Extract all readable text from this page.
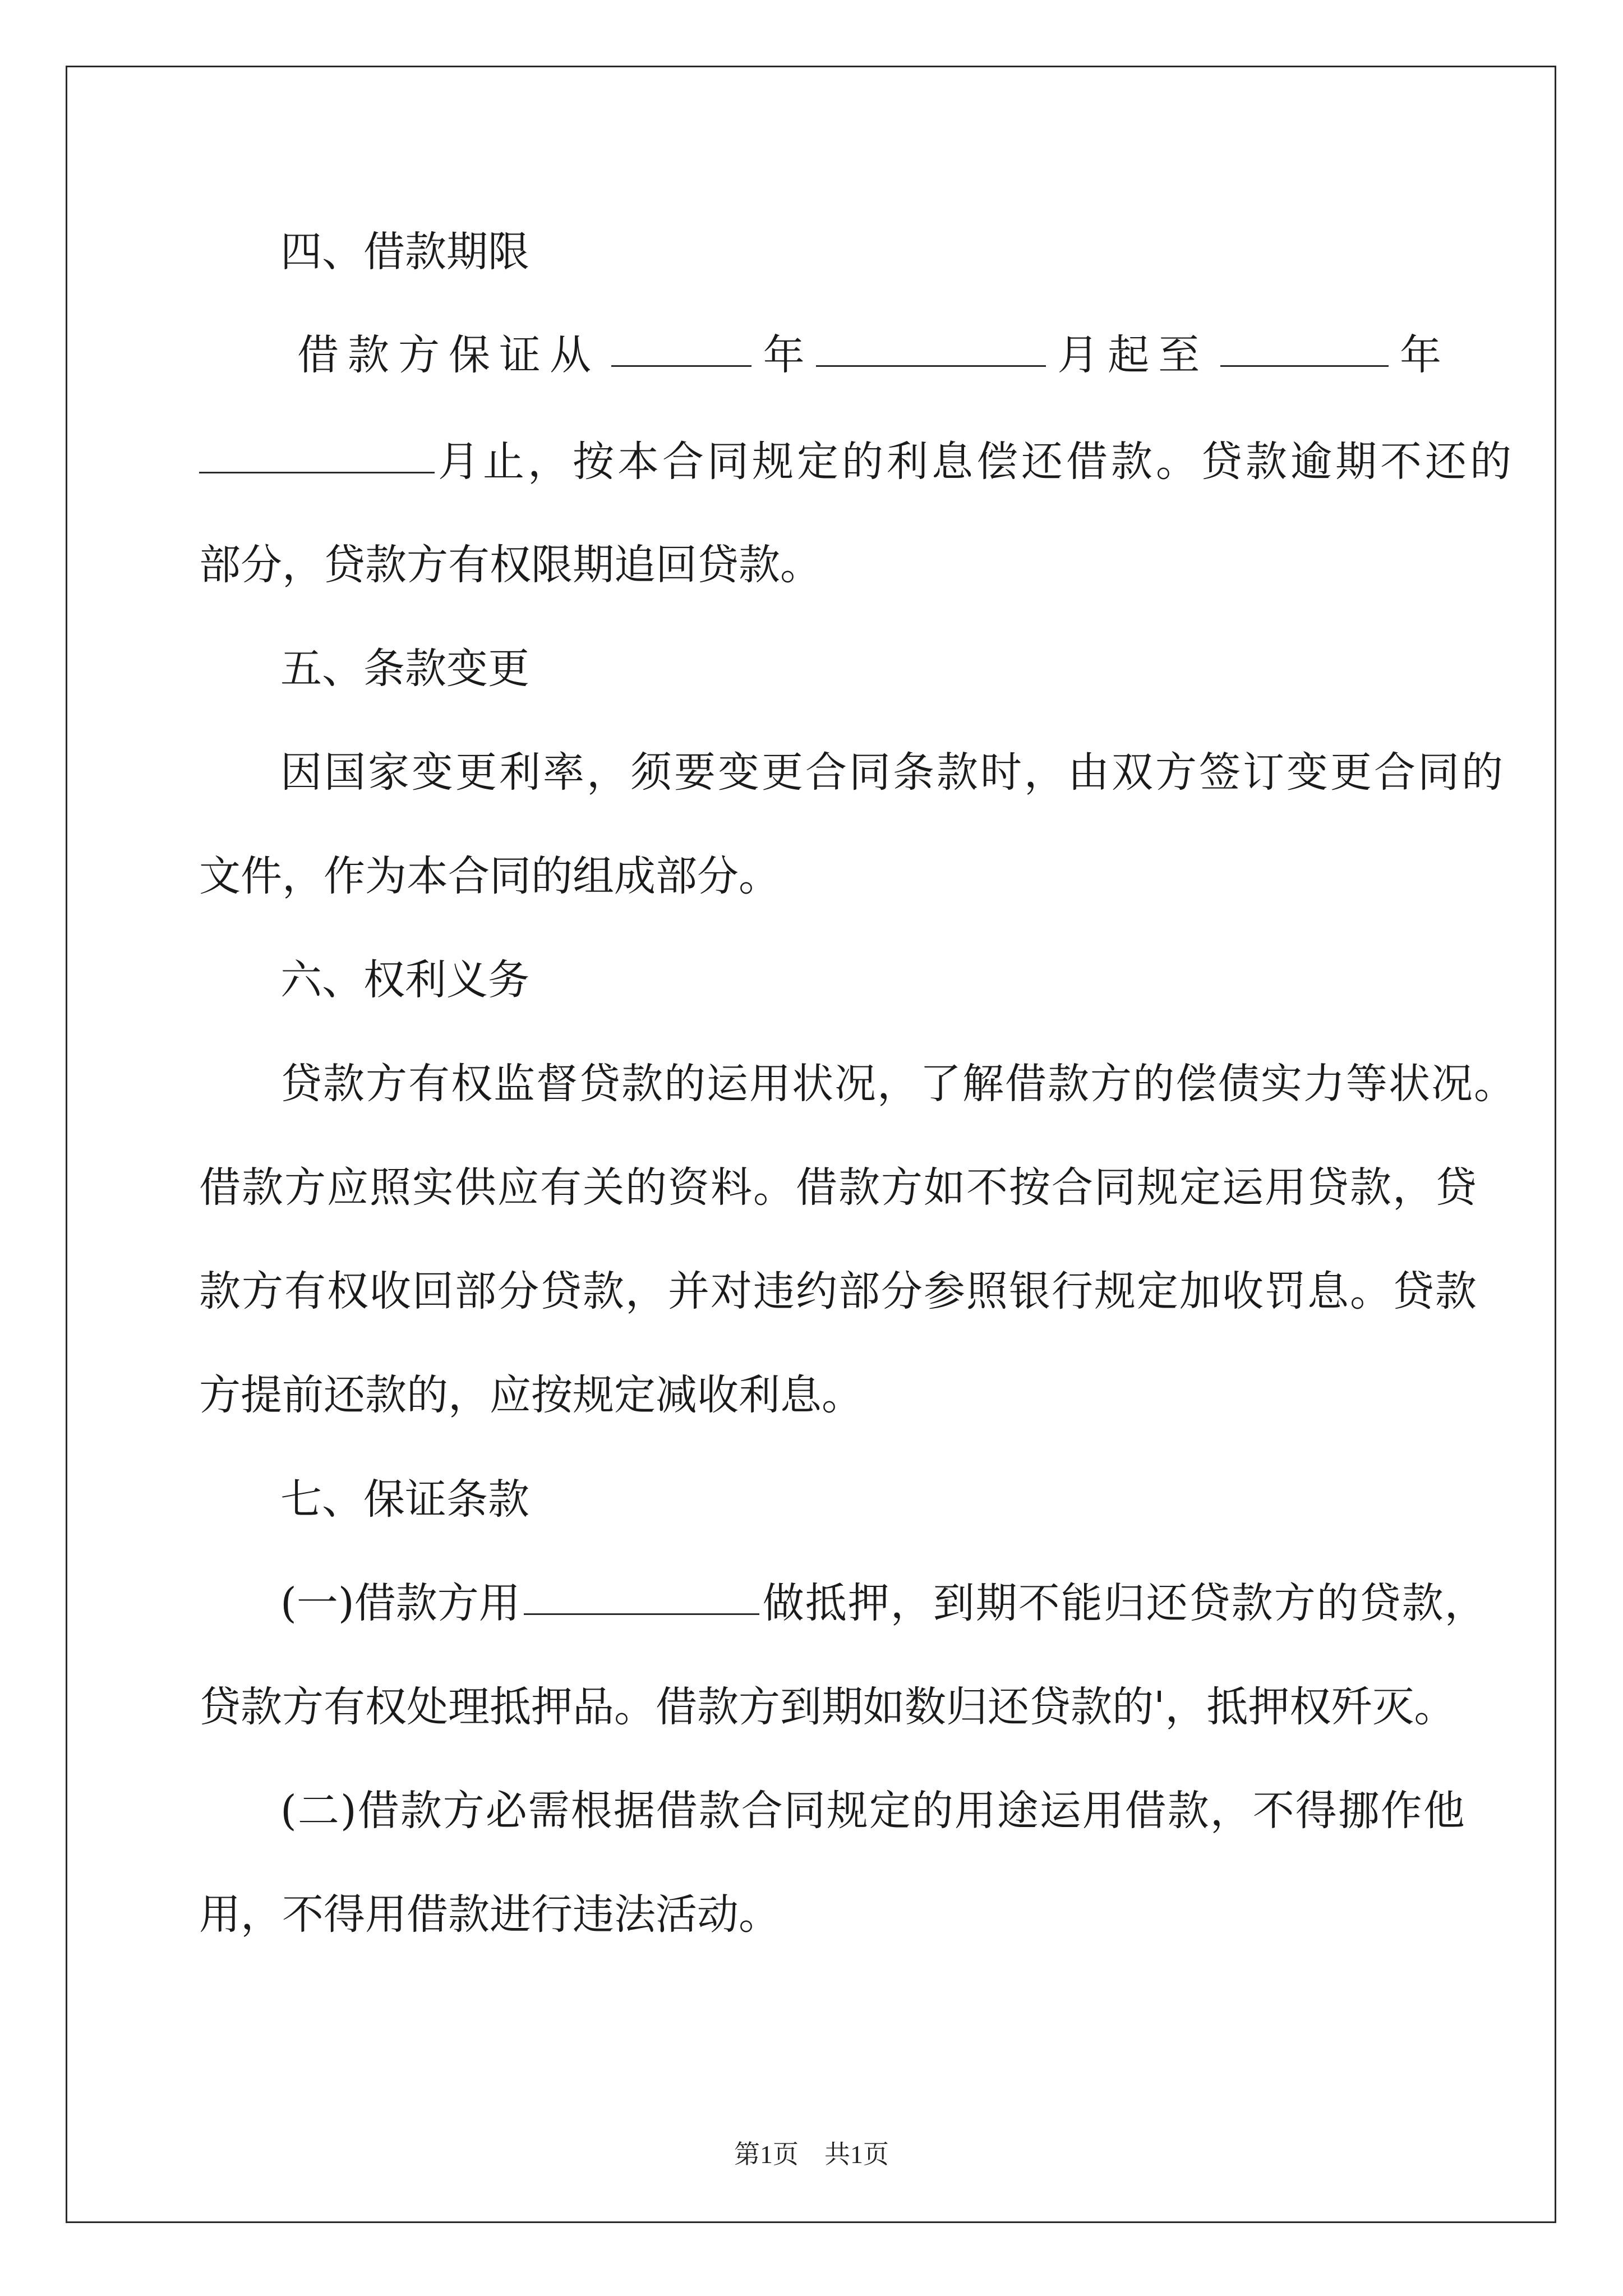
四、借款期限
借款方保证从	年	月起至	年
月止，按本合同规定的利息偿还借款。贷款逾期不还的
部分，贷款方有权限期追回贷款。
五、条款变更
因国家变更利率，须要变更合同条款时，由双方签订变更合同的
文件，作为本合同的组成部分。
六、权利义务
贷款方有权监督贷款的运用状况，了解借款方的偿债实力等状况。
借款方应照实供应有关的资料。借款方如不按合同规定运用贷款，贷
款方有权收回部分贷款，并对违约部分参照银行规定加收罚息。贷款
方提前还款的，应按规定减收利息。
七、保证条款
(一)借款方用	做抵押，到期不能归还贷款方的贷款，
贷款方有权处理抵押品。借款方到期如数归还贷款的'，抵押权歼灭。
(二)借款方必需根据借款合同规定的用途运用借款，不得挪作他
用，不得用借款进行违法活动。
第1页　共1页
